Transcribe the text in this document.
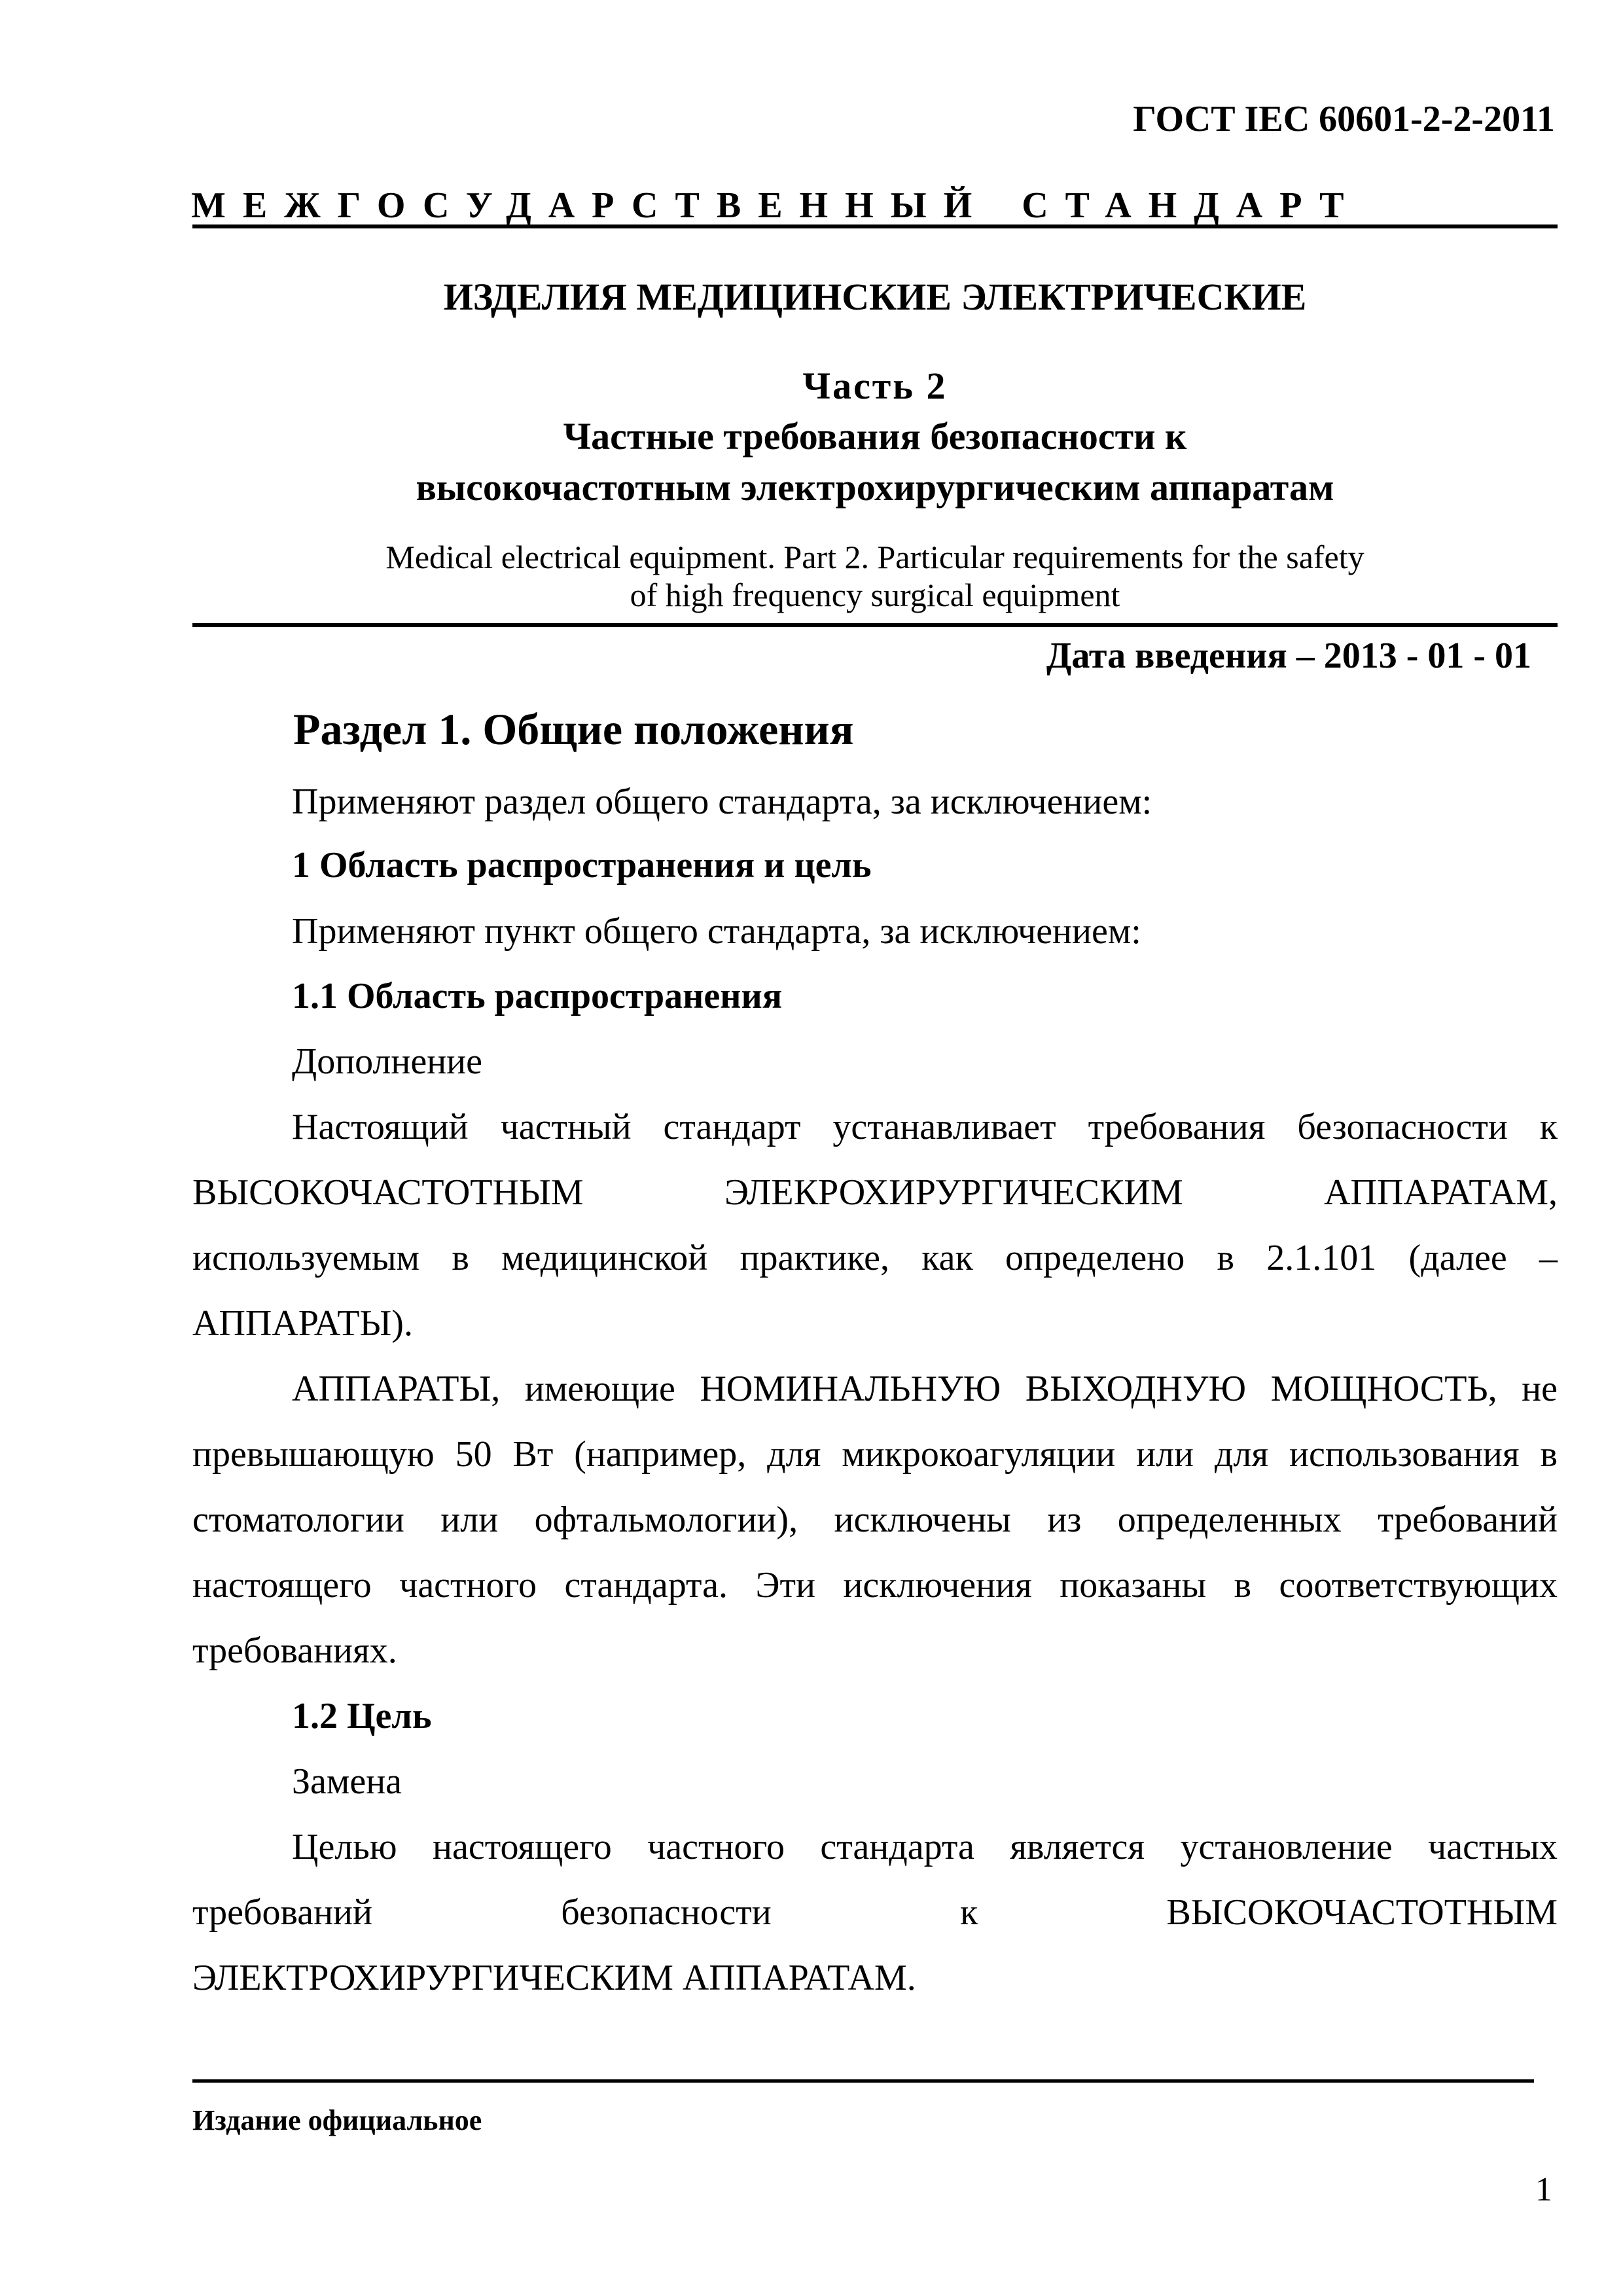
ГОСТ IEC 60601-2-2-2011
МЕЖГОСУДАРСТВЕННЫЙ СТАНДАРТ
ИЗДЕЛИЯ МЕДИЦИНСКИЕ ЭЛЕКТРИЧЕСКИЕ
Часть 2
Частные требования безопасности к
высокочастотным электрохирургическим аппаратам
Medical electrical equipment. Part 2. Particular requirements for the safety
of high frequency surgical equipment
Дата введения – 2013 - 01 - 01
Раздел 1. Общие положения
Применяют раздел общего стандарта, за исключением:
1 Область распространения и цель
Применяют пункт общего стандарта, за исключением:
1.1 Область распространения
Дополнение
Настоящий частный стандарт устанавливает требования безопасности к
ВЫСОКОЧАСТОТНЫМ ЭЛЕКРОХИРУРГИЧЕСКИМ АППАРАТАМ,
используемым в медицинской практике, как определено в 2.1.101 (далее –
АППАРАТЫ).
АППАРАТЫ, имеющие НОМИНАЛЬНУЮ ВЫХОДНУЮ МОЩНОСТЬ, не
превышающую 50 Вт (например, для микрокоагуляции или для использования в
стоматологии или офтальмологии), исключены из определенных требований
настоящего частного стандарта. Эти исключения показаны в соответствующих
требованиях.
1.2 Цель
Замена
Целью настоящего частного стандарта является установление частных
требований безопасности к ВЫСОКОЧАСТОТНЫМ
ЭЛЕКТРОХИРУРГИЧЕСКИМ АППАРАТАМ.
Издание официальное
1
